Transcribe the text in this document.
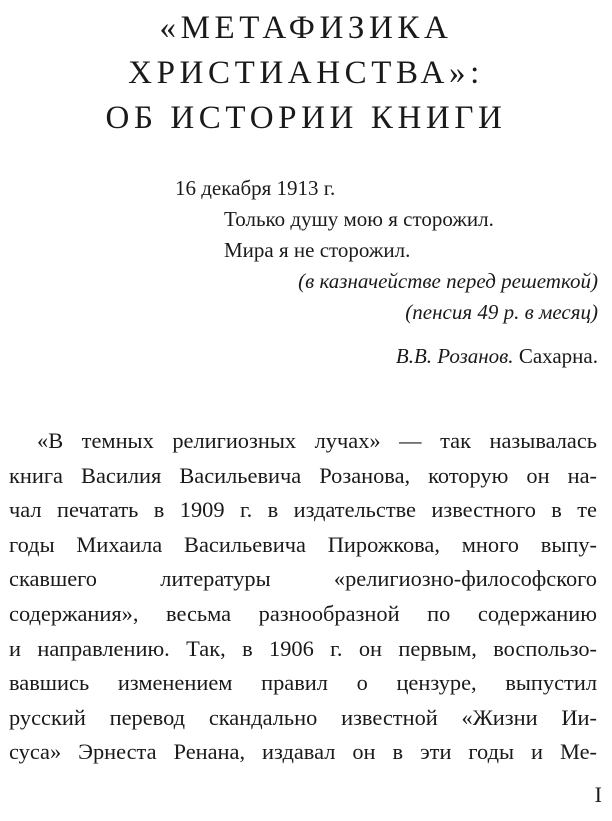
«МЕТАФИЗИКА
ХРИСТИАНСТВА»:
ОБ ИСТОРИИ КНИГИ
16 декабря 1913 г.
Только душу мою я сторожил.
Мира я не сторожил.
(в казначействе перед решеткой)
(пенсия 49 р. в месяц)
В.В. Розанов. Сахарна.
«В темных религиозных лучах» — так называлась
книга Василия Васильевича Розанова, которую он на-
чал печатать в 1909 г. в издательстве известного в те
годы Михаила Васильевича Пирожкова, много выпу-
скавшего литературы «религиозно-философского
содержания», весьма разнообразной по содержанию
и направлению. Так, в 1906 г. он первым, воспользо-
вавшись изменением правил о цензуре, выпустил
русский перевод скандально известной «Жизни Ии-
суса» Эрнеста Ренана, издавал он в эти годы и Ме-
I
